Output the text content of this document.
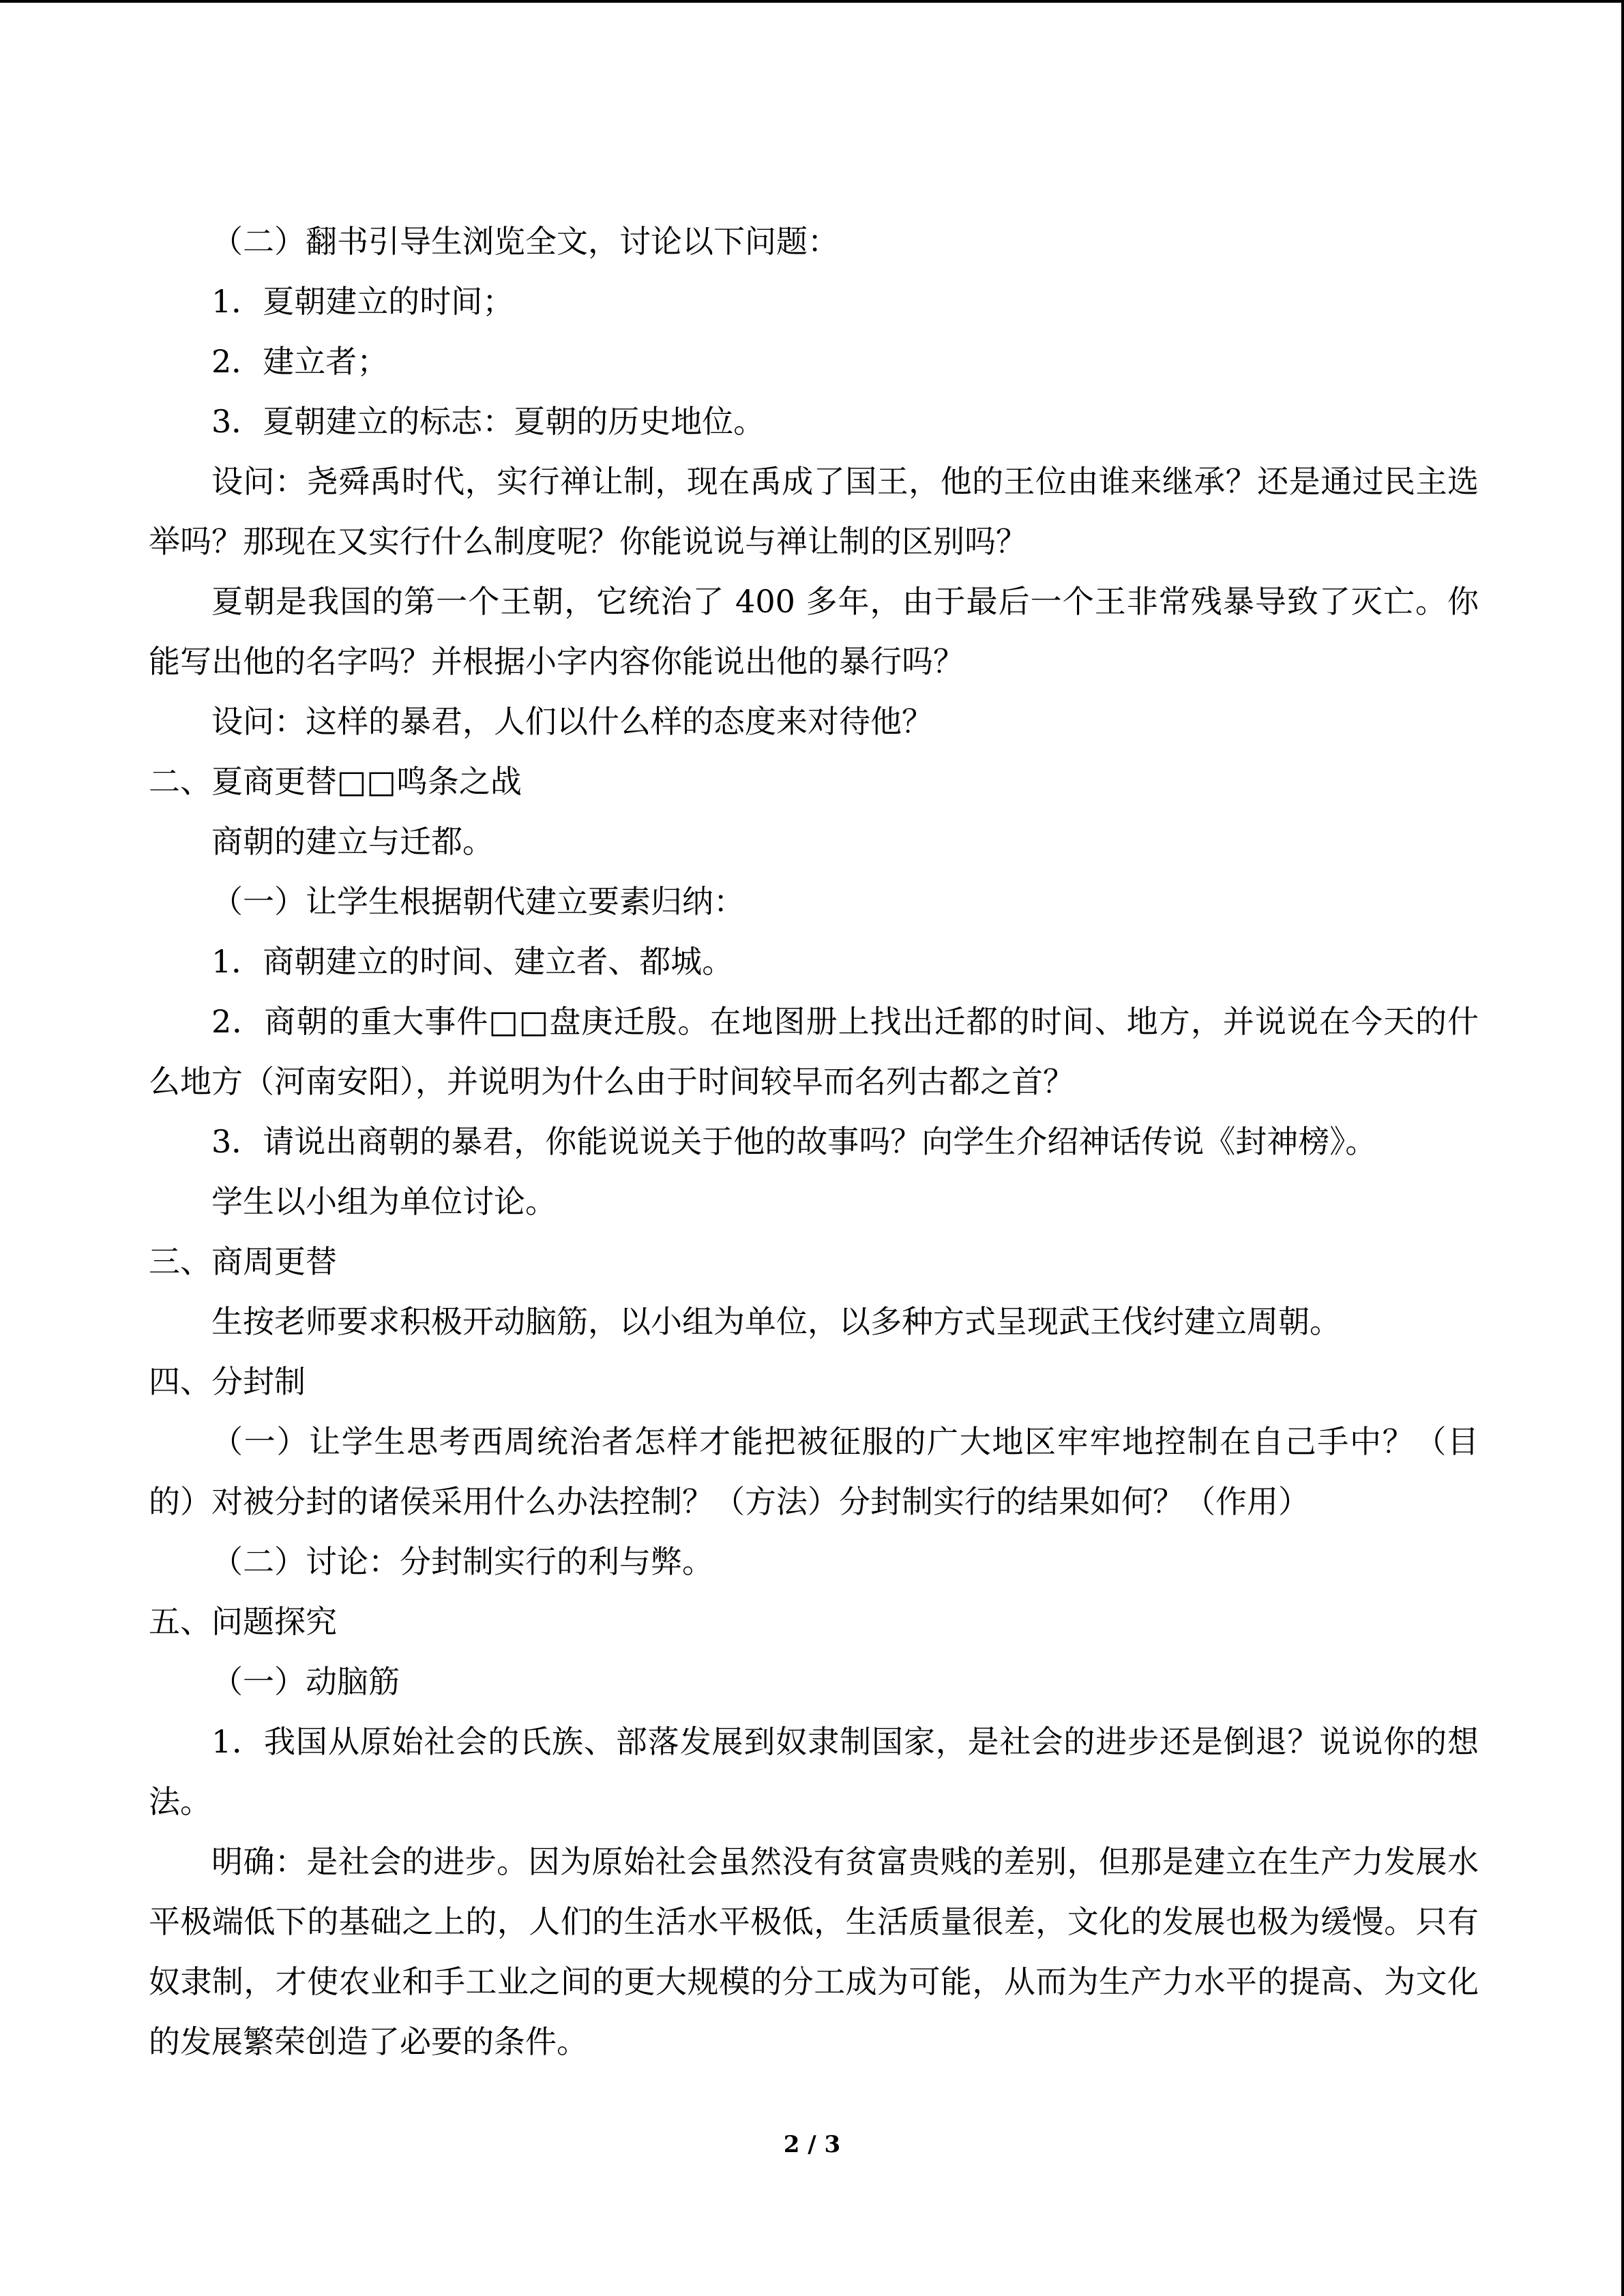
（二）翻书引导生浏览全文，讨论以下问题：
1．夏朝建立的时间；
2．建立者；
3．夏朝建立的标志：夏朝的历史地位。
设问：尧舜禹时代，实行禅让制，现在禹成了国王，他的王位由谁来继承？还是通过民主选举吗？那现在又实行什么制度呢？你能说说与禅让制的区别吗？
夏朝是我国的第一个王朝，它统治了 400 多年，由于最后一个王非常残暴导致了灭亡。你能写出他的名字吗？并根据小字内容你能说出他的暴行吗？
设问：这样的暴君，人们以什么样的态度来对待他？
二、夏商更替□□鸣条之战
商朝的建立与迁都。
（一）让学生根据朝代建立要素归纳：
1．商朝建立的时间、建立者、都城。
2．商朝的重大事件□□盘庚迁殷。在地图册上找出迁都的时间、地方，并说说在今天的什么地方（河南安阳），并说明为什么由于时间较早而名列古都之首？
3．请说出商朝的暴君，你能说说关于他的故事吗？向学生介绍神话传说《封神榜》。
学生以小组为单位讨论。
三、商周更替
生按老师要求积极开动脑筋，以小组为单位，以多种方式呈现武王伐纣建立周朝。
四、分封制
（一）让学生思考西周统治者怎样才能把被征服的广大地区牢牢地控制在自己手中？（目的）对被分封的诸侯采用什么办法控制？（方法）分封制实行的结果如何？（作用）
（二）讨论：分封制实行的利与弊。
五、问题探究
（一）动脑筋
1．我国从原始社会的氏族、部落发展到奴隶制国家，是社会的进步还是倒退？说说你的想法。
明确：是社会的进步。因为原始社会虽然没有贫富贵贱的差别，但那是建立在生产力发展水平极端低下的基础之上的，人们的生活水平极低，生活质量很差，文化的发展也极为缓慢。只有奴隶制，才使农业和手工业之间的更大规模的分工成为可能，从而为生产力水平的提高、为文化的发展繁荣创造了必要的条件。
2 / 3
